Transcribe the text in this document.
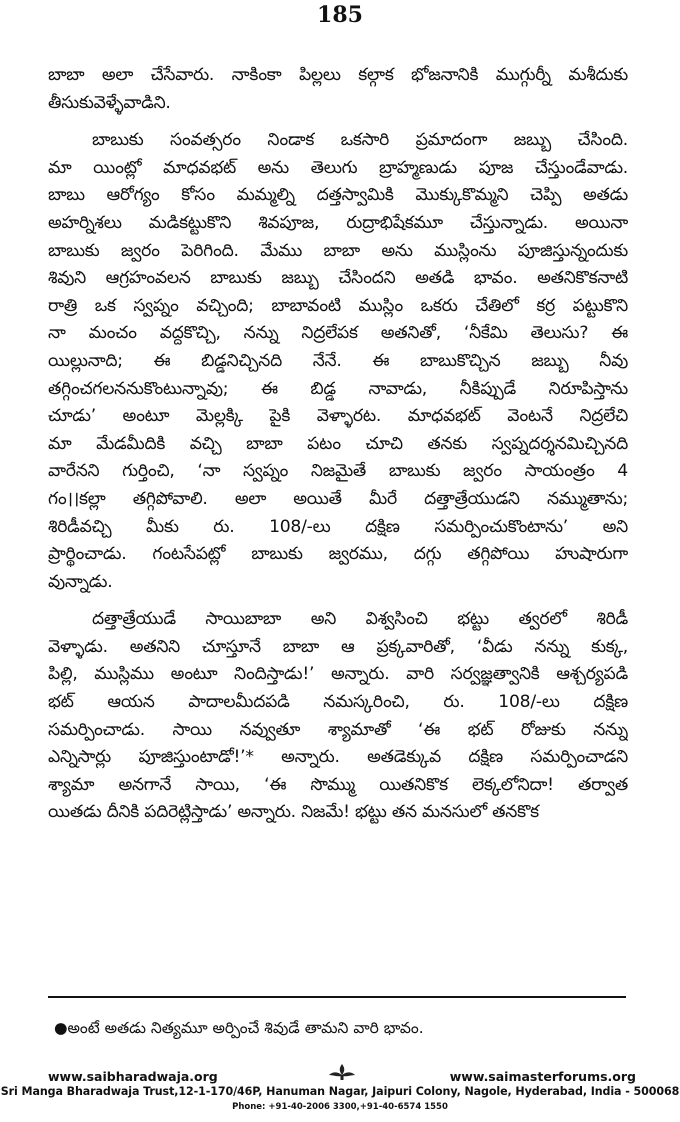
185
బాబా అలా చేసేవారు. నాకింకా పిల్లలు కల్గాక భోజనానికి ముగ్గుర్నీ మశీదుకు
తీసుకువెళ్ళేవాడిని.
బాబుకు సంవత్సరం నిండాక ఒకసారి ప్రమాదంగా జబ్బు చేసింది.
మా యింట్లో మాధవభట్ అను తెలుగు బ్రాహ్మణుడు పూజ చేస్తుండేవాడు.
బాబు ఆరోగ్యం కోసం మమ్మల్ని దత్తస్వామికి మొక్కుకొమ్మని చెప్పి అతడు
అహర్నిశలు మడికట్టుకొని శివపూజ, రుద్రాభిషేకమూ చేస్తున్నాడు. అయినా
బాబుకు జ్వరం పెరిగింది. మేము బాబా అను ముస్లింను పూజిస్తున్నందుకు
శివుని ఆగ్రహంవలన బాబుకు జబ్బు చేసిందని అతడి భావం. అతనికొకనాటి
రాత్రి ఒక స్వప్నం వచ్చింది; బాబావంటి ముస్లిం ఒకరు చేతిలో కర్ర పట్టుకొని
నా మంచం వద్దకొచ్చి, నన్ను నిద్రలేపక అతనితో, ‘నీకేమి తెలుసు? ఈ
యిల్లునాది; ఈ బిడ్డనిచ్చినది నేనే. ఈ బాబుకొచ్చిన జబ్బు నీవు
తగ్గించగలననుకొంటున్నావు; ఈ బిడ్డ నావాడు, నీకిప్పుడే నిరూపిస్తాను
చూడు’ అంటూ మెల్లక్కి పైకి వెళ్ళారట. మాధవభట్ వెంటనే నిద్రలేచి
మా మేడమీదికి వచ్చి బాబా పటం చూచి తనకు స్వప్నదర్శనమిచ్చినది
వారేనని గుర్తించి, ‘నా స్వప్నం నిజమైతే బాబుకు జ్వరం సాయంత్రం 4
గం।।కల్లా తగ్గిపోవాలి. అలా అయితే మీరే దత్తాత్రేయుడని నమ్ముతాను;
శిరిడీవచ్చి మీకు రు. 108/-లు దక్షిణ సమర్పించుకొంటాను’ అని
ప్రార్థించాడు. గంటసేపట్లో బాబుకు జ్వరము, దగ్గు తగ్గిపోయి హుషారుగా
వున్నాడు.
దత్తాత్రేయుడే సాయిబాబా అని విశ్వసించి భట్టు త్వరలో శిరిడీ
వెళ్ళాడు. అతనిని చూస్తూనే బాబా ఆ ప్రక్కవారితో, ‘వీడు నన్ను కుక్క,
పిల్లి, ముస్లిము అంటూ నిందిస్తాడు!’ అన్నారు. వారి సర్వజ్ఞత్వానికి ఆశ్చర్యపడి
భట్ ఆయన పాదాలమీదపడి నమస్కరించి, రు. 108/-లు దక్షిణ
సమర్పించాడు. సాయి నవ్వుతూ శ్యామాతో ‘ఈ భట్ రోజుకు నన్ను
ఎన్నిసార్లు పూజిస్తుంటాడో!’* అన్నారు. అతడెక్కువ దక్షిణ సమర్పించాడని
శ్యామా అనగానే సాయి, ‘ఈ సొమ్ము యితనికొక లెక్కలోనిదా! తర్వాత
యితడు దీనికి పదిరెట్లిస్తాడు’ అన్నారు. నిజమే! భట్టు తన మనసులో తనకొక
●అంటే అతడు నిత్యమూ అర్పించే శివుడే తామని వారి భావం.
www.saibharadwaja.org	www.saimasterforums.org
Sri Manga Bharadwaja Trust,12-1-170/46P, Hanuman Nagar, Jaipuri Colony, Nagole, Hyderabad, India - 500068
Phone: +91-40-2006 3300,+91-40-6574 1550
